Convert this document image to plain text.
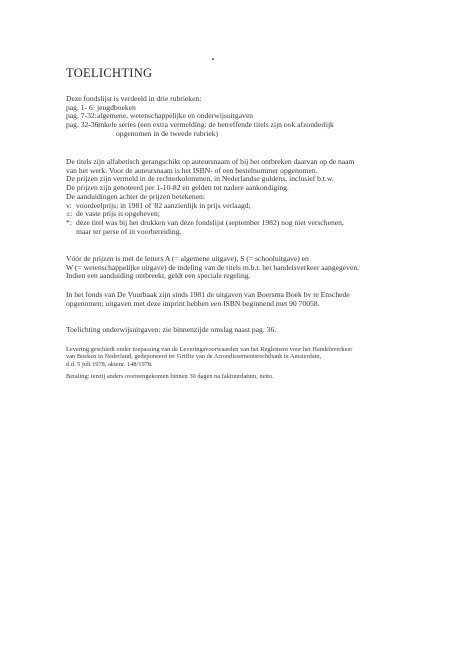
TOELICHTING
Deze fondslijst is verdeeld in drie rubrieken:
pag. 1- 6: jeugdboeken
pag. 7-32: algemene, wetenschappelijke en onderwijsuitgaven
pag. 32-36:
enkele series (een extra vermelding: de betreffende titels zijn ook afzonderlijk
opgenomen in de tweede rubriek)
De titels zijn alfabetisch gerangschikt op auteursnaam of bij het ontbreken daarvan op de naam
van het werk. Voor de auteursnaam is het ISBN- of een bestelnummer opgenomen.
De prijzen zijn vermeld in de rechterkolommen, in Nederlandse guldens, inclusief b.t.w.
De prijzen zijn genoteerd per 1-10-82 en gelden tot nadere aankondiging.
De aanduidingen achter de prijzen betekenen:
v: voordeelprijs; in 1981 of '82 aanzienlijk in prijs verlaagd;
±: de vaste prijs is opgeheven;
*: deze titel was bij het drukken van deze fondslijst (september 1982) nog niet verschenen,
maar ter perse of in voorbereiding.
Vóór de prijzen is met de letters A (= algemene uitgave), S (= schooluitgave) en
W (= wetenschappelijke uitgave) de indeling van de titels m.b.t. het handelsverkeer aangegeven.
Indien een aanduiding ontbreekt, geldt een speciale regeling.
In het fonds van De Vuurbaak zijn sinds 1981 de uitgaven van Boersma Boek bv te Enschede
opgenomen; uitgaven met deze imprint hebben een ISBN beginnend met 90 70058.
Toelichting onderwijsuitgaven: zie binnenzijde omslag naast pag. 36.
Levering geschiedt onder toepassing van de Leveringsvoorwaarden van het Reglement voor het Handelsverkeer
van Boeken in Nederland, gedeponeerd ter Griffie van de Arrondissementsrechtbank te Amsterdam,
d.d. 5 juli 1978, aktenr. 148/1978.
Betaling: tenzij anders overeengekomen binnen 30 dagen na faktuurdatum, netto.
